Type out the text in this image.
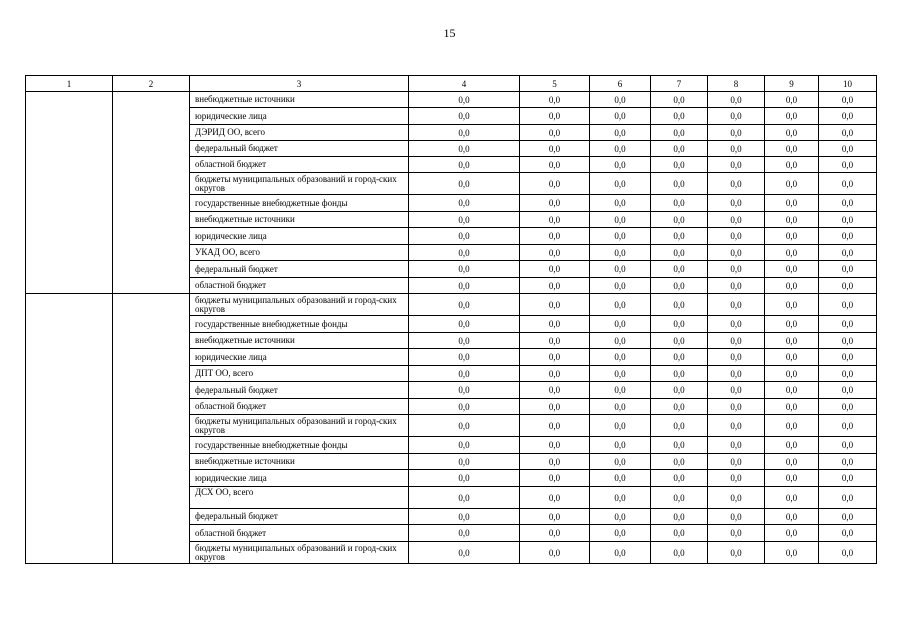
15
1	2	3	4	5	6	7	8	9	10
		внебюджетные источники	0,0	0,0	0,0	0,0	0,0	0,0	0,0
		юридические лица	0,0	0,0	0,0	0,0	0,0	0,0	0,0
		ДЭРИД ОО, всего	0,0	0,0	0,0	0,0	0,0	0,0	0,0
		федеральный бюджет	0,0	0,0	0,0	0,0	0,0	0,0	0,0
		областной бюджет	0,0	0,0	0,0	0,0	0,0	0,0	0,0
		бюджеты муниципальных образований и город-ских округов	0,0	0,0	0,0	0,0	0,0	0,0	0,0
		государственные внебюджетные фонды	0,0	0,0	0,0	0,0	0,0	0,0	0,0
		внебюджетные источники	0,0	0,0	0,0	0,0	0,0	0,0	0,0
		юридические лица	0,0	0,0	0,0	0,0	0,0	0,0	0,0
		УКАД ОО, всего	0,0	0,0	0,0	0,0	0,0	0,0	0,0
		федеральный бюджет	0,0	0,0	0,0	0,0	0,0	0,0	0,0
		областной бюджет	0,0	0,0	0,0	0,0	0,0	0,0	0,0
		бюджеты муниципальных образований и город-ских округов	0,0	0,0	0,0	0,0	0,0	0,0	0,0
		государственные внебюджетные фонды	0,0	0,0	0,0	0,0	0,0	0,0	0,0
		внебюджетные источники	0,0	0,0	0,0	0,0	0,0	0,0	0,0
		юридические лица	0,0	0,0	0,0	0,0	0,0	0,0	0,0
		ДПТ ОО, всего	0,0	0,0	0,0	0,0	0,0	0,0	0,0
		федеральный бюджет	0,0	0,0	0,0	0,0	0,0	0,0	0,0
		областной бюджет	0,0	0,0	0,0	0,0	0,0	0,0	0,0
		бюджеты муниципальных образований и город-ских округов	0,0	0,0	0,0	0,0	0,0	0,0	0,0
		государственные внебюджетные фонды	0,0	0,0	0,0	0,0	0,0	0,0	0,0
		внебюджетные источники	0,0	0,0	0,0	0,0	0,0	0,0	0,0
		юридические лица	0,0	0,0	0,0	0,0	0,0	0,0	0,0
		ДСХ ОО, всего	0,0	0,0	0,0	0,0	0,0	0,0	0,0
		федеральный бюджет	0,0	0,0	0,0	0,0	0,0	0,0	0,0
		областной бюджет	0,0	0,0	0,0	0,0	0,0	0,0	0,0
		бюджеты муниципальных образований и город-ских округов	0,0	0,0	0,0	0,0	0,0	0,0	0,0
